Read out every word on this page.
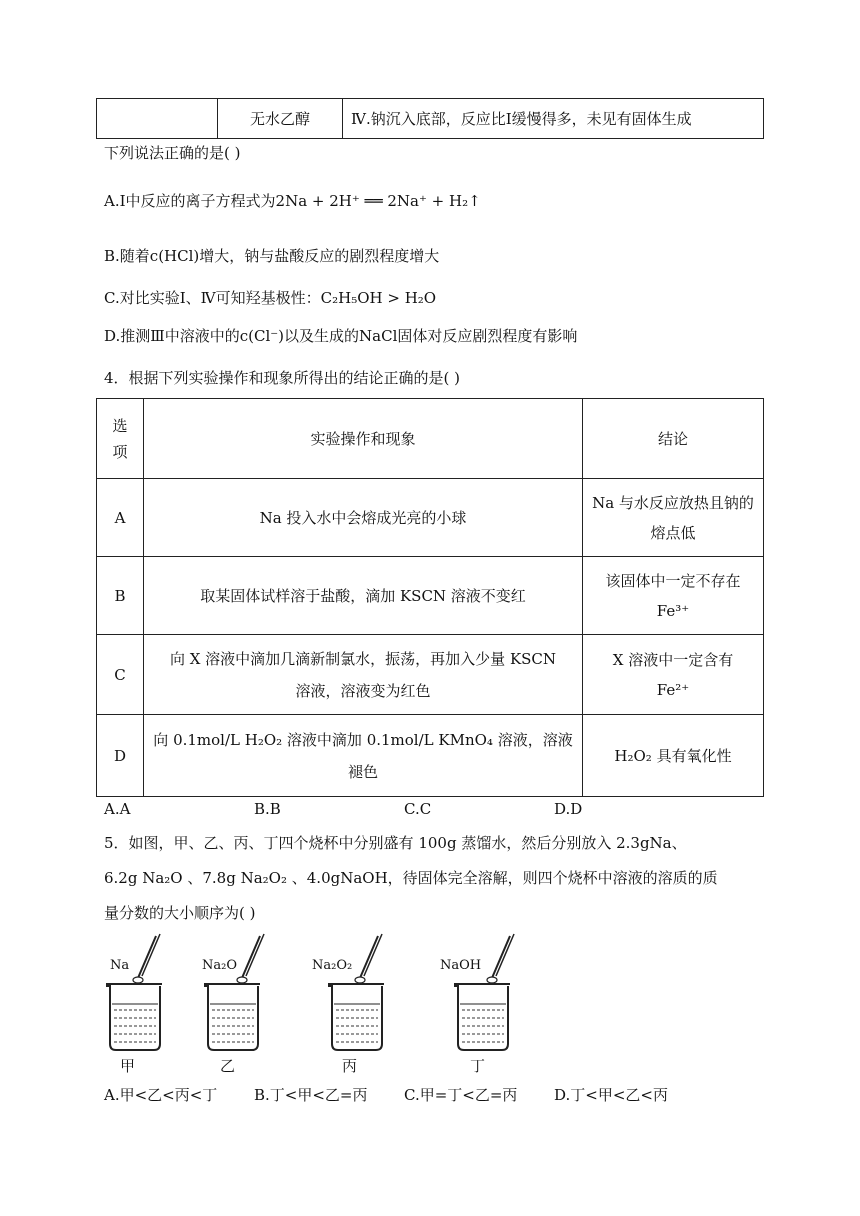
	无水乙醇	Ⅳ.钠沉入底部，反应比Ⅰ缓慢得多，未见有固体生成
下列说法正确的是( )
A.Ⅰ中反应的离子方程式为2Na + 2H⁺ ══ 2Na⁺ + H₂↑
B.随着c(HCl)增大，钠与盐酸反应的剧烈程度增大
C.对比实验Ⅰ、Ⅳ可知羟基极性：C₂H₅OH > H₂O
D.推测Ⅲ中溶液中的c(Cl⁻)以及生成的NaCl固体对反应剧烈程度有影响
4．根据下列实验操作和现象所得出的结论正确的是( )
选
项	实验操作和现象	结论
A	Na 投入水中会熔成光亮的小球	Na 与水反应放热且钠的熔点低
B	取某固体试样溶于盐酸，滴加 KSCN 溶液不变红	该固体中一定不存在 Fe³⁺
C	向 X 溶液中滴加几滴新制氯水，振荡，再加入少量 KSCN 溶液，溶液变为红色	X 溶液中一定含有 Fe²⁺
D	向 0.1mol/L H₂O₂ 溶液中滴加 0.1mol/L KMnO₄ 溶液，溶液褪色	H₂O₂ 具有氧化性
A.A	B.B	C.C	D.D
5．如图，甲、乙、丙、丁四个烧杯中分别盛有 100g 蒸馏水，然后分别放入 2.3gNa、
6.2g Na₂O 、7.8g Na₂O₂ 、4.0gNaOH，待固体完全溶解，则四个烧杯中溶液的溶质的质
量分数的大小顺序为( )
Na
甲
Na₂O
乙
Na₂O₂
丙
NaOH
丁
A.甲<乙<丙<丁 B.丁<甲<乙=丙 C.甲=丁<乙=丙 D.丁<甲<乙<丙
